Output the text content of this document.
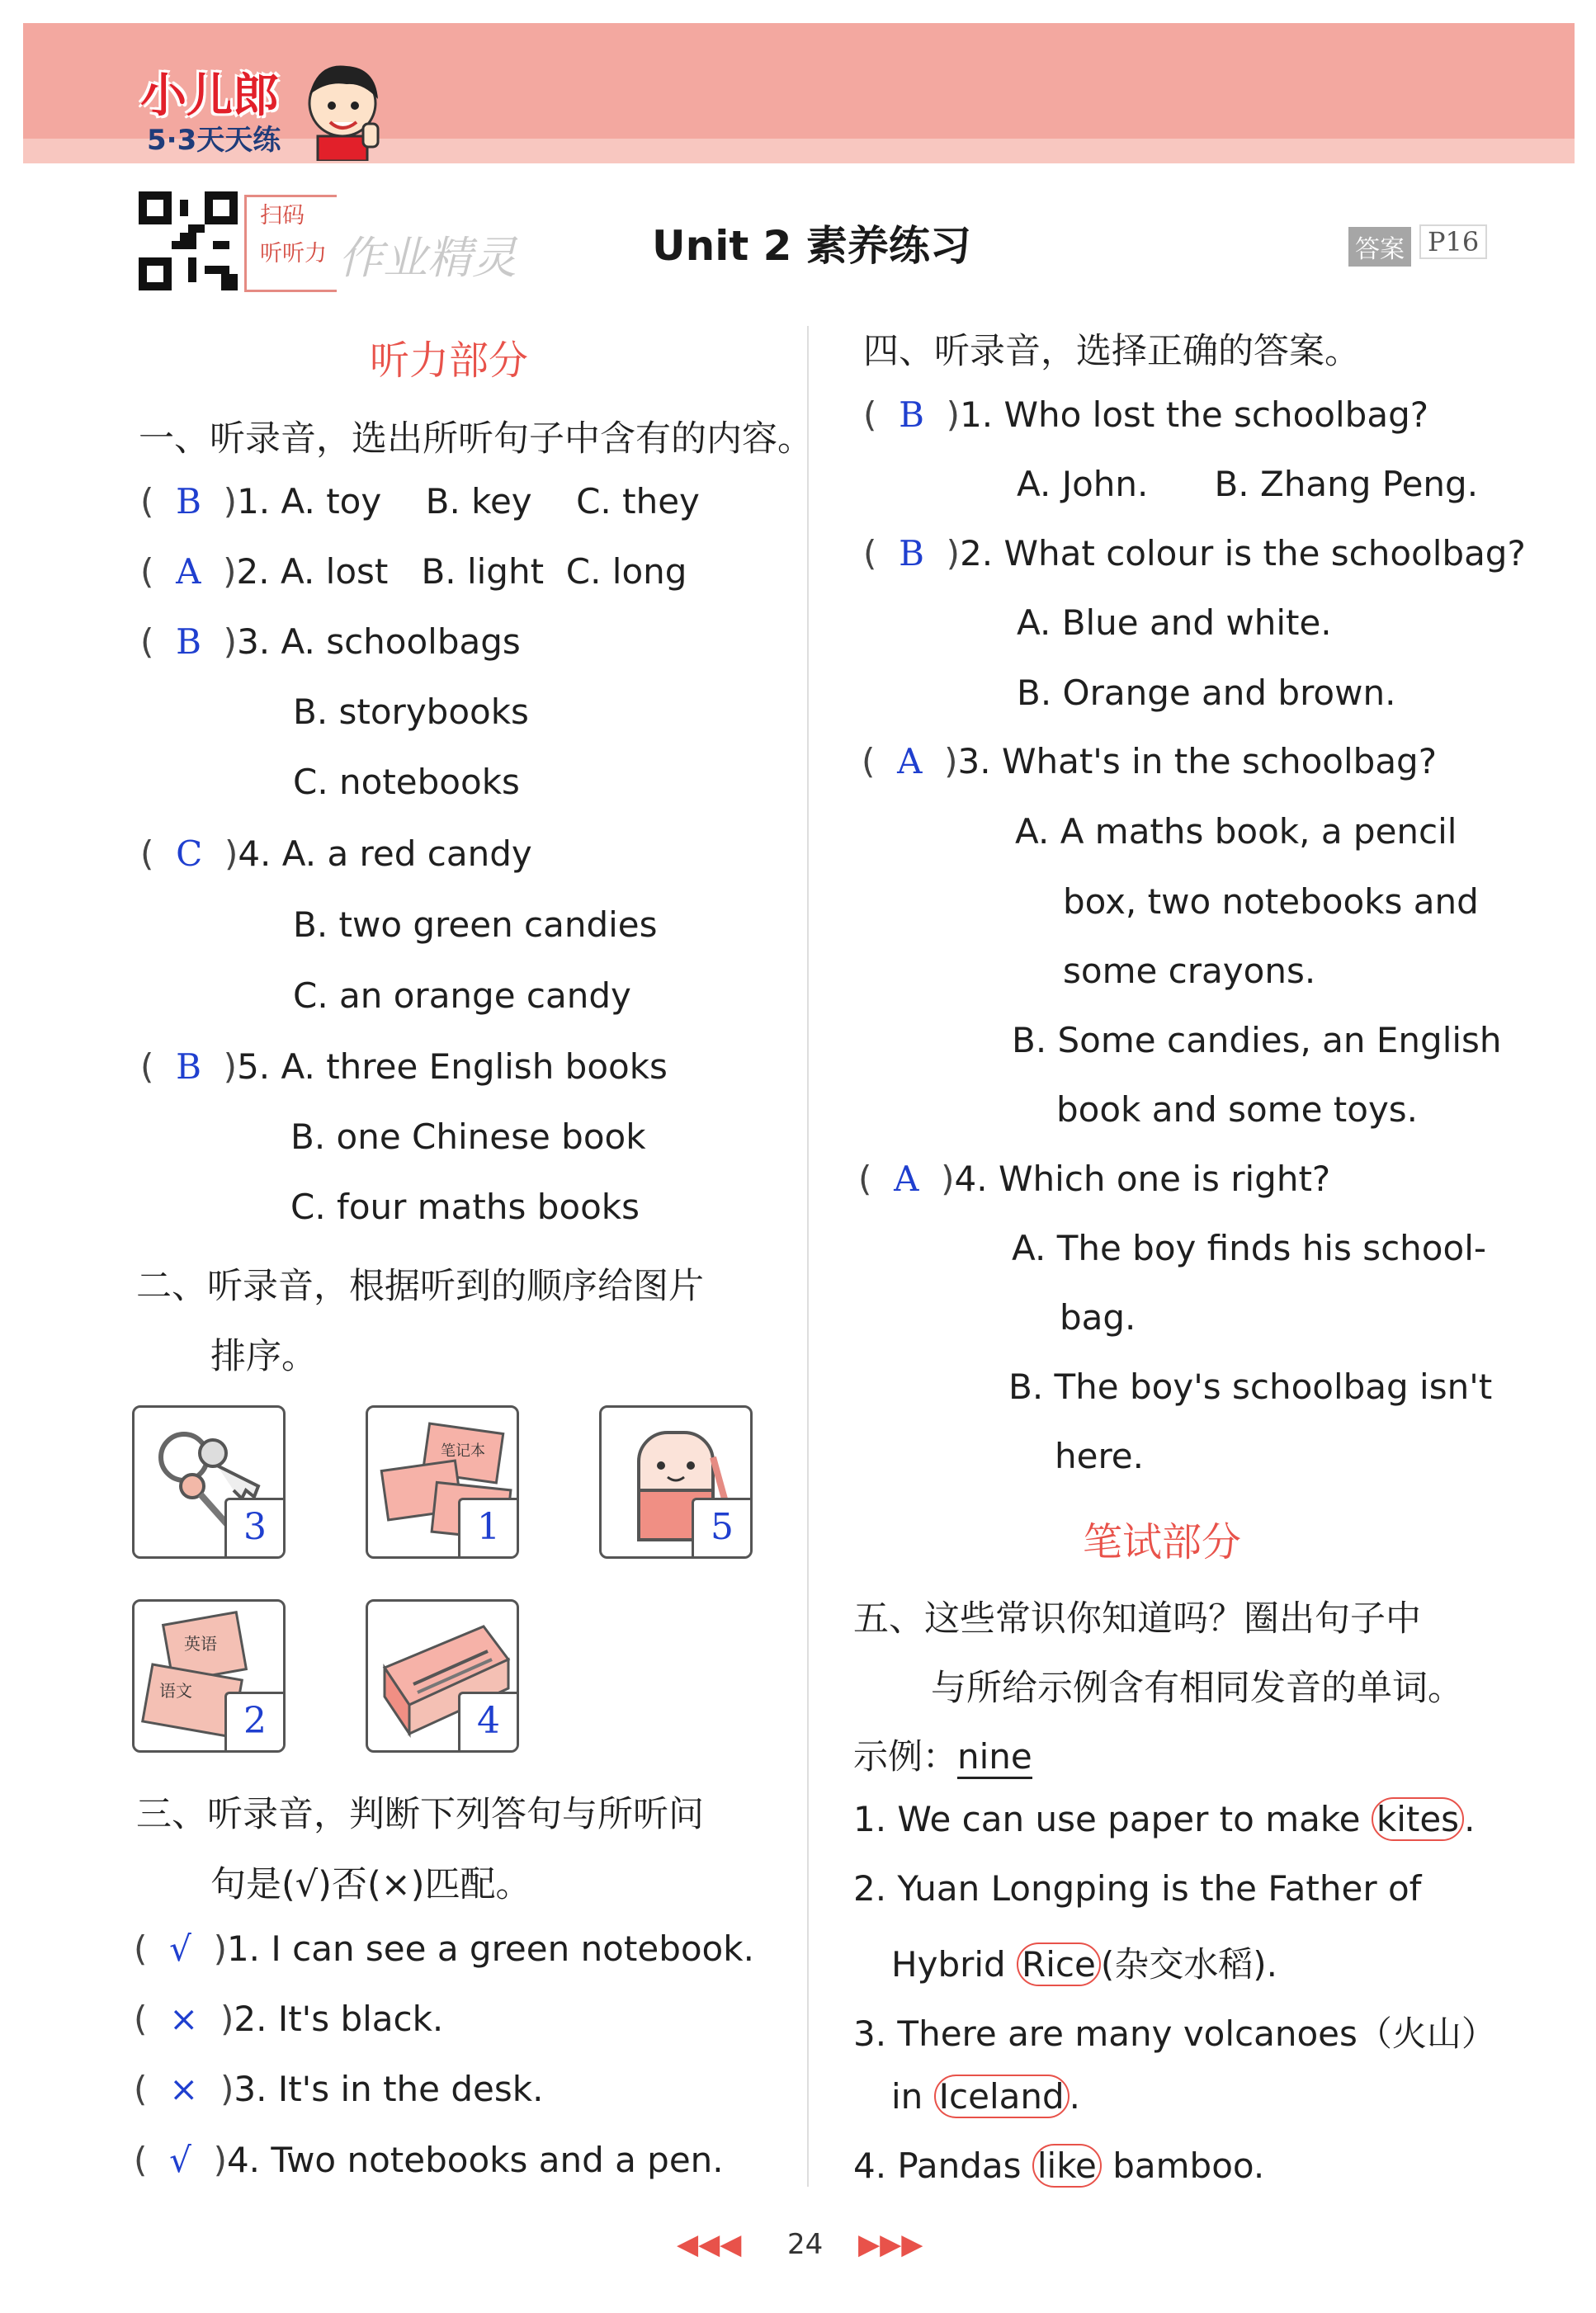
小儿郎
5·3天天练
扫码
听听力 作业精灵	Unit 2 素养练习	答案 P16
听力部分
一、听录音，选出所听句子中含有的内容。
( B )1. A. toy B. key C. they
( A )2. A. lost B. light C. long
( B )3. A. schoolbags
B. storybooks
C. notebooks
( C )4. A. a red candy
B. two green candies
C. an orange candy
( B )5. A. three English books
B. one Chinese book
C. four maths books
二、听录音，根据听到的顺序给图片
排序。
3
笔记本
1	5
英语
语文
2	4
三、听录音，判断下列答句与所听问
句是(√)否(×)匹配。
( √ )1. I can see a green notebook.
( × )2. It's black.
( × )3. It's in the desk.
( √ )4. Two notebooks and a pen.
四、听录音，选择正确的答案。
( B )1. Who lost the schoolbag?
A. John. B. Zhang Peng.
( B )2. What colour is the schoolbag?
A. Blue and white.
B. Orange and brown.
( A )3. What's in the schoolbag?
A. A maths book, a pencil
box, two notebooks and
some crayons.
B. Some candies, an English
book and some toys.
( A )4. Which one is right?
A. The boy finds his school-
bag.
B. The boy's schoolbag isn't
here.
笔试部分
五、这些常识你知道吗？圈出句子中
与所给示例含有相同发音的单词。
示例：nine
1. We can use paper to make kites .
2. Yuan Longping is the Father of
Hybrid Rice (杂交水稻).
3. There are many volcanoes（火山）
in Iceland .
4. Pandas like bamboo.
◀◀◀ 24 ▶▶▶
